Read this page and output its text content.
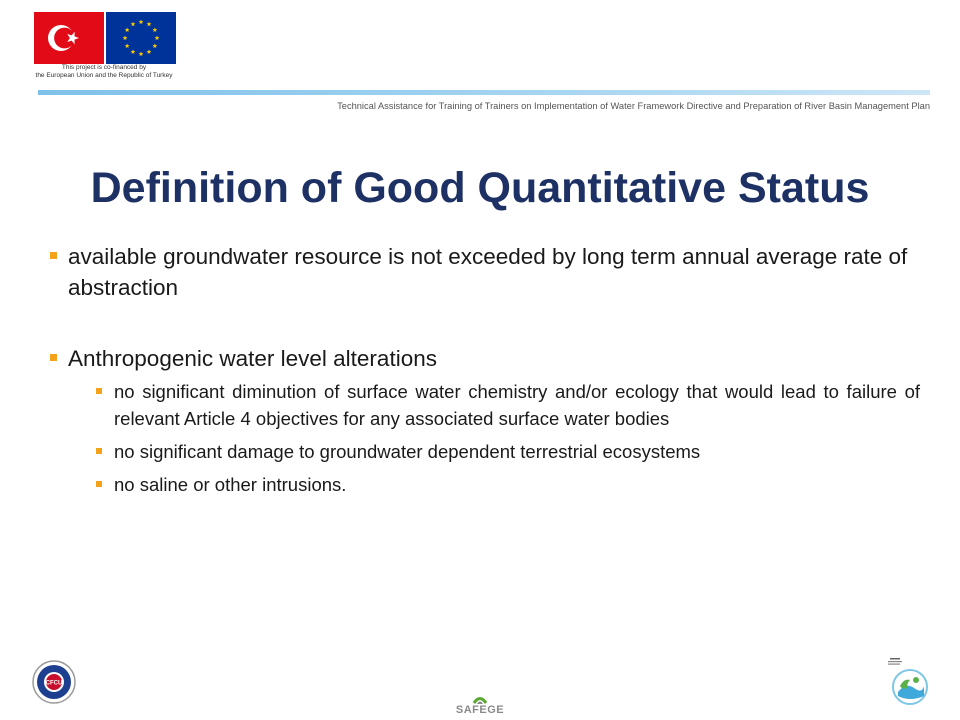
This project is co-financed by
the European Union and the Republic of Turkey
Technical Assistance for Training of Trainers on Implementation of Water Framework Directive and Preparation of River Basin Management Plan
Definition of Good Quantitative Status
available groundwater resource is not exceeded by long term annual average rate of abstraction
Anthropogenic water level alterations
no significant diminution of surface water chemistry and/or ecology that would lead to failure of relevant Article 4 objectives for any associated surface water bodies
no significant damage to groundwater dependent terrestrial ecosystems
no saline or other intrusions.
CFCU
SAFEGE
